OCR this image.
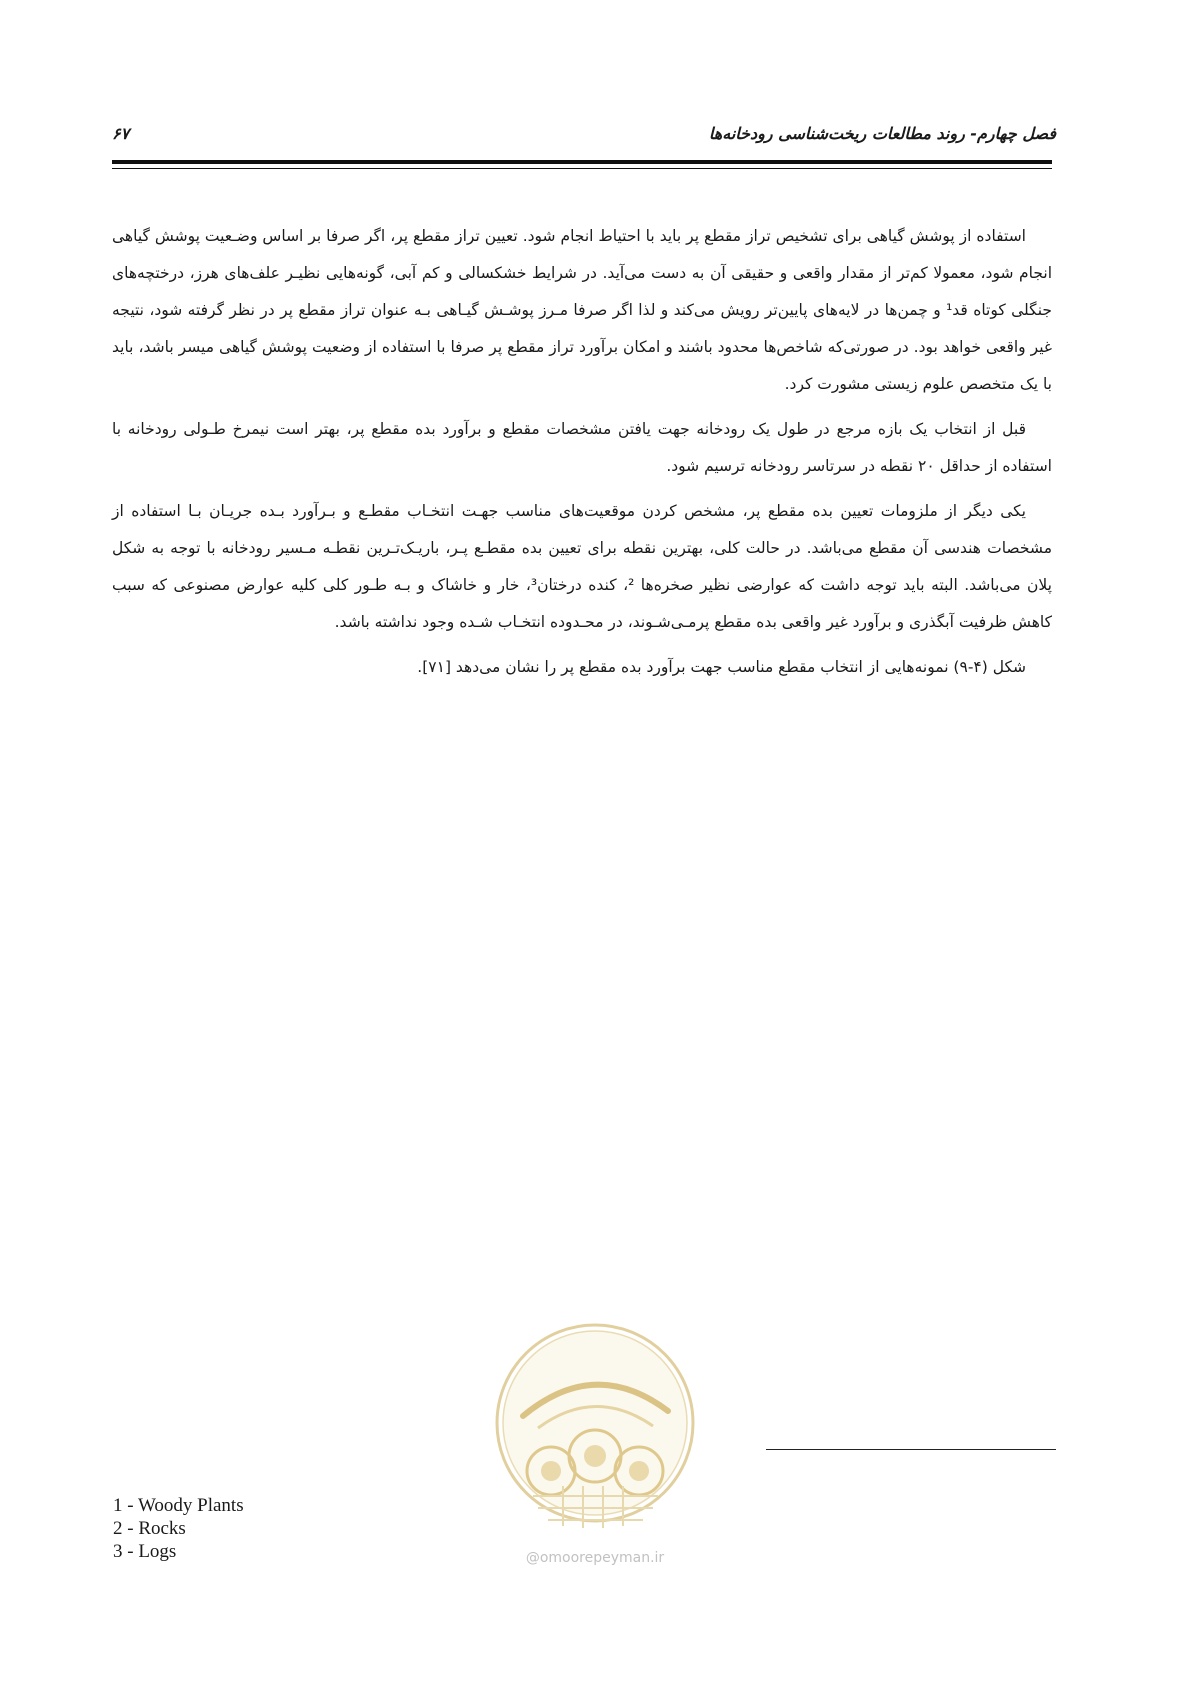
فصل چهارم- روند مطالعات ریخت‌شناسی رودخانه‌ها
۶۷

استفاده از پوشش گیاهی برای تشخیص تراز مقطع پر باید با احتیاط انجام شود. تعیین تراز مقطع پر، اگر صرفا بر اساس وضـعیت پوشش گیاهی انجام شود، معمولا کم‌تر از مقدار واقعی و حقیقی آن به دست می‌آید. در شرایط خشکسالی و کم آبی، گونه‌هایی نظیـر علف‌های هرز، درختچه‌های جنگلی کوتاه قد¹ و چمن‌ها در لایه‌های پایین‌تر رویش می‌کند و لذا اگر صرفا مـرز پوشـش گیـاهی بـه عنوان تراز مقطع پر در نظر گرفته شود، نتیجه غیر واقعی خواهد بود. در صورتی‌که شاخص‌ها محدود باشند و امکان برآورد تراز مقطع پر صرفا با استفاده از وضعیت پوشش گیاهی میسر باشد، باید با یک متخصص علوم زیستی مشورت کرد.

قبل از انتخاب یک بازه مرجع در طول یک رودخانه جهت یافتن مشخصات مقطع و برآورد بده مقطع پر، بهتر است نیمرخ طـولی رودخانه با استفاده از حداقل ۲۰ نقطه در سرتاسر رودخانه ترسیم شود.

یکی دیگر از ملزومات تعیین بده مقطع پر، مشخص کردن موقعیت‌های مناسب جهـت انتخـاب مقطـع و بـرآورد بـده جریـان بـا استفاده از مشخصات هندسی آن مقطع می‌باشد. در حالت کلی، بهترین نقطه برای تعیین بده مقطـع پـر، باریـک‌تـرین نقطـه مـسیر رودخانه با توجه به شکل پلان می‌باشد. البته باید توجه داشت که عوارضی نظیر صخره‌ها ²، کنده درختان³، خار و خاشاک و بـه طـور کلی کلیه عوارض مصنوعی که سبب کاهش ظرفیت آبگذری و برآورد غیر واقعی بده مقطع پرمـی‌شـوند، در محـدوده انتخـاب شـده وجود نداشته باشد.

شکل (۴-۹) نمونه‌هایی از انتخاب مقطع مناسب جهت برآورد بده مقطع پر را نشان می‌دهد [۷۱].

1 - Woody Plants
2 - Rocks
3 - Logs	@omoorepeyman.ir
